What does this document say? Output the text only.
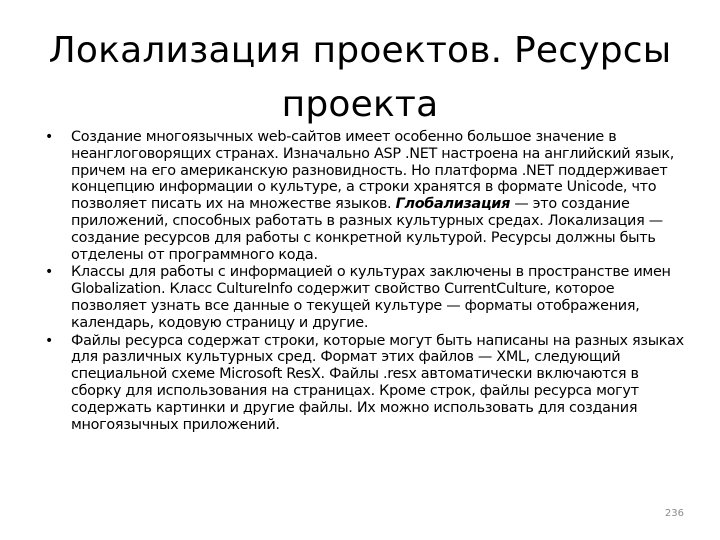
Локализация проектов. Ресурсы проекта
• Создание многоязычных web-сайтов имеет особенно большое значение в неанглоговорящих странах. Изначально ASP .NET настроена на английский язык, причем на его американскую разновидность. Но платформа .NET поддерживает концепцию информации о культуре, а строки хранятся в формате Unicode, что позволяет писать их на множестве языков. Глобализация — это создание приложений, способных работать в разных культурных средах. Локализация — создание ресурсов для работы с конкретной культурой. Ресурсы должны быть отделены от программного кода.
• Классы для работы с информацией о культурах заключены в пространстве имен Globalization. Класс CultureInfo содержит свойство CurrentCulture, которое позволяет узнать все данные о текущей культуре — форматы отображения, календарь, кодовую страницу и другие.
• Файлы ресурса содержат строки, которые могут быть написаны на разных языках для различных культурных сред. Формат этих файлов — XML, следующий специальной схеме Microsoft ResX. Файлы .resx автоматически включаются в сборку для использования на страницах. Кроме строк, файлы ресурса могут содержать картинки и другие файлы. Их можно использовать для создания многоязычных приложений.
236
